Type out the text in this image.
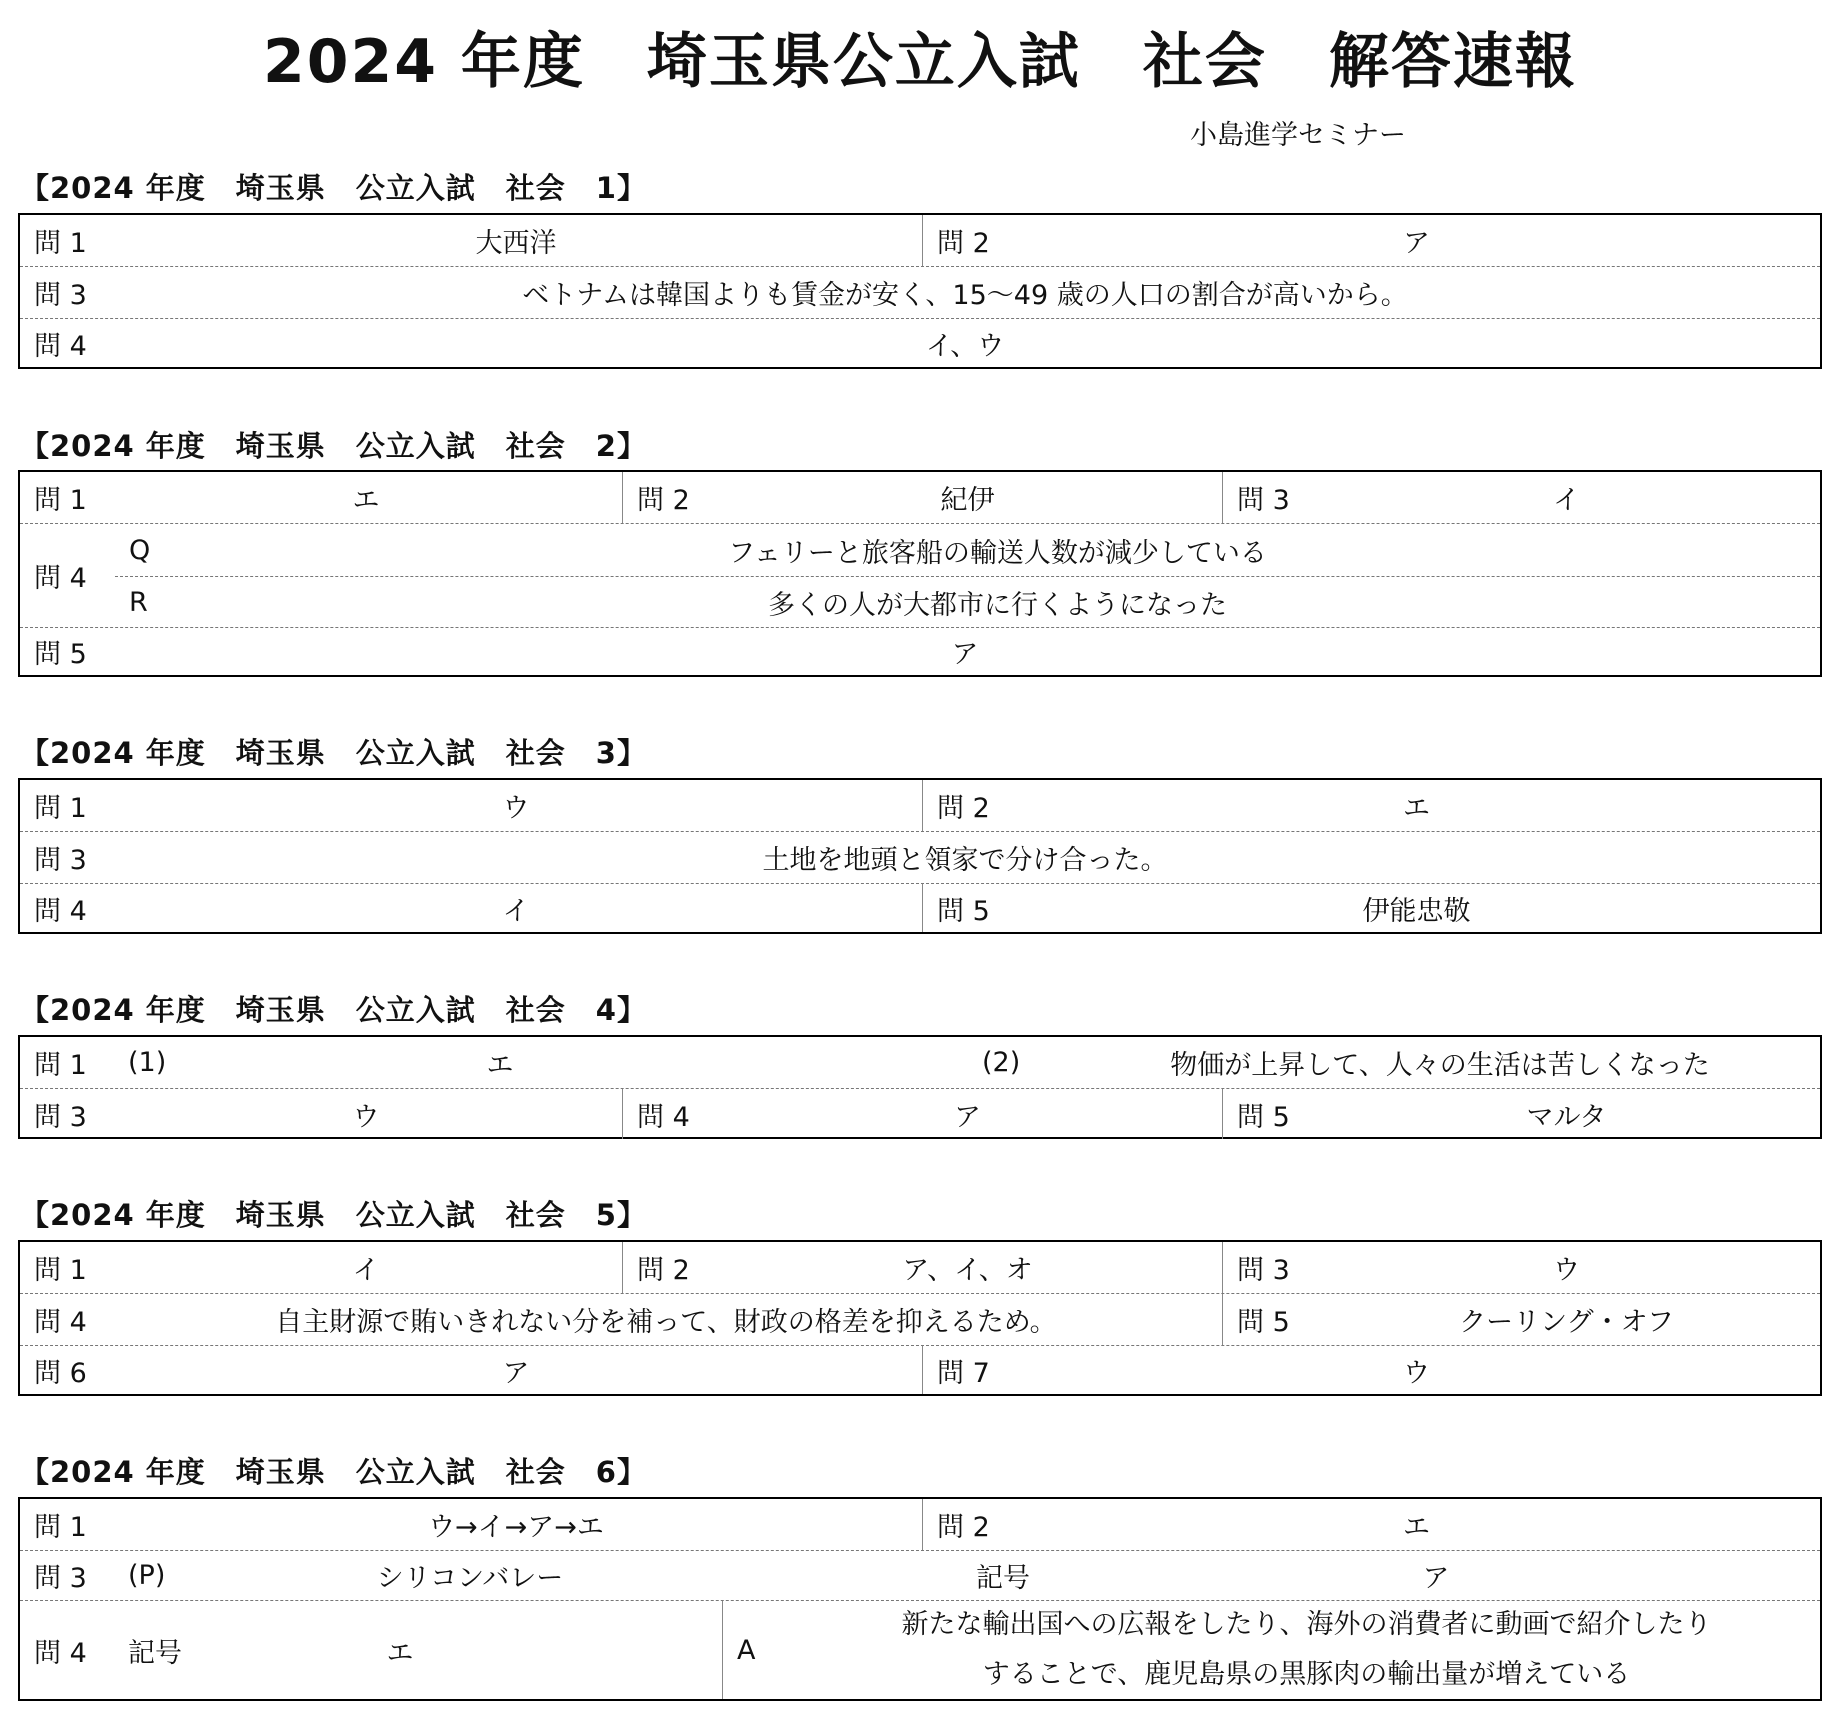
2024 年度　埼玉県公立入試　社会　解答速報
小島進学セミナー
【2024 年度　埼玉県　公立入試　社会　1】
問 1	大西洋	問 2	ア
問 3	ベトナムは韓国よりも賃金が安く、15～49 歳の人口の割合が高いから。
問 4	イ、ウ
【2024 年度　埼玉県　公立入試　社会　2】
問 1	エ	問 2	紀伊	問 3	イ
問 4
Q	フェリーと旅客船の輸送人数が減少している
R	多くの人が大都市に行くようになった
問 5	ア
【2024 年度　埼玉県　公立入試　社会　3】
問 1	ウ	問 2	エ
問 3	土地を地頭と領家で分け合った。
問 4	イ	問 5	伊能忠敬
【2024 年度　埼玉県　公立入試　社会　4】
問 1 (1)	エ	(2)	物価が上昇して、人々の生活は苦しくなった
問 3	ウ	問 4	ア	問 5	マルタ
【2024 年度　埼玉県　公立入試　社会　5】
問 1	イ	問 2	ア、イ、オ	問 3	ウ
問 4	自主財源で賄いきれない分を補って、財政の格差を抑えるため。	問 5	クーリング・オフ
問 6	ア	問 7	ウ
【2024 年度　埼玉県　公立入試　社会　6】
問 1	ウ→イ→ア→エ	問 2	エ
問 3 (P)	シリコンバレー	記号	ア
問 4 記号	エ	A
新たな輸出国への広報をしたり、海外の消費者に動画で紹介したり
することで、鹿児島県の黒豚肉の輸出量が増えている
